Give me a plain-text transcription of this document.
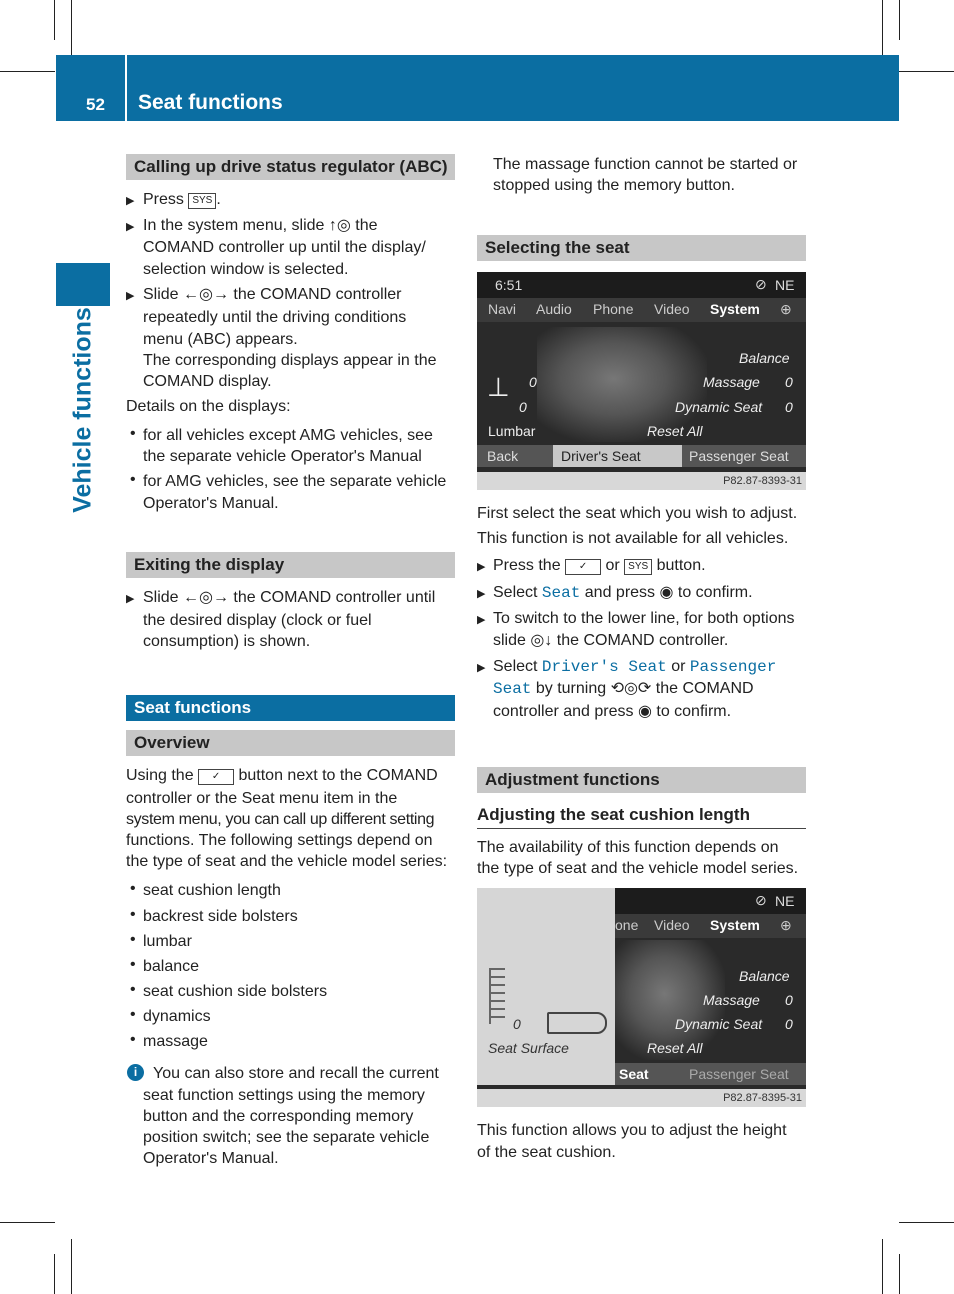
52 Seat functions
Vehicle functions
Calling up drive status regulator (ABC)
▶ Press SYS .
▶ In the system menu, slide ↑◎ the
COMAND controller up until the display/
selection window is selected.
▶ Slide ←◎→ the COMAND controller
repeatedly until the driving conditions
menu (ABC) appears.
The corresponding displays appear in the
COMAND display.
Details on the displays:
• for all vehicles except AMG vehicles, see
the separate vehicle Operator's Manual
• for AMG vehicles, see the separate vehicle
Operator's Manual.
Exiting the display
▶ Slide ←◎→ the COMAND controller until
the desired display (clock or fuel
consumption) is shown.
Seat functions
Overview
Using the ✓ button next to the COMAND
controller or the Seat menu item in the
system menu, you can call up different setting
functions. The following settings depend on
the type of seat and the vehicle model series:
• seat cushion length
• backrest side bolsters
• lumbar
• balance
• seat cushion side bolsters
• dynamics
• massage
i You can also store and recall the current
seat function settings using the memory
button and the corresponding memory
position switch; see the separate vehicle
Operator's Manual.
The massage function cannot be started or
stopped using the memory button.
Selecting the seat
6:51	⊘ NE
Navi Audio Phone Video System ⊕
Balance
Massage 0
Dynamic Seat 0
Reset All
Lumbar
0
0
⊥
Back	Driver's Seat	Passenger Seat
P82.87-8393-31
First select the seat which you wish to adjust.
This function is not available for all vehicles.
▶ Press the ✓ or SYS button.
▶ Select Seat and press ◉ to confirm.
▶ To switch to the lower line, for both options
slide ◎↓ the COMAND controller.
▶ Select Driver's Seat or Passenger
Seat by turning ⟲◎⟳ the COMAND
controller and press ◉ to confirm.
Adjustment functions
Adjusting the seat cushion length
The availability of this function depends on
the type of seat and the vehicle model series.
⊘ NE
one Video System ⊕
Balance
Massage 0
Dynamic Seat 0
Reset All
Seat Surface
0
Seat	Passenger Seat
P82.87-8395-31
This function allows you to adjust the height
of the seat cushion.
